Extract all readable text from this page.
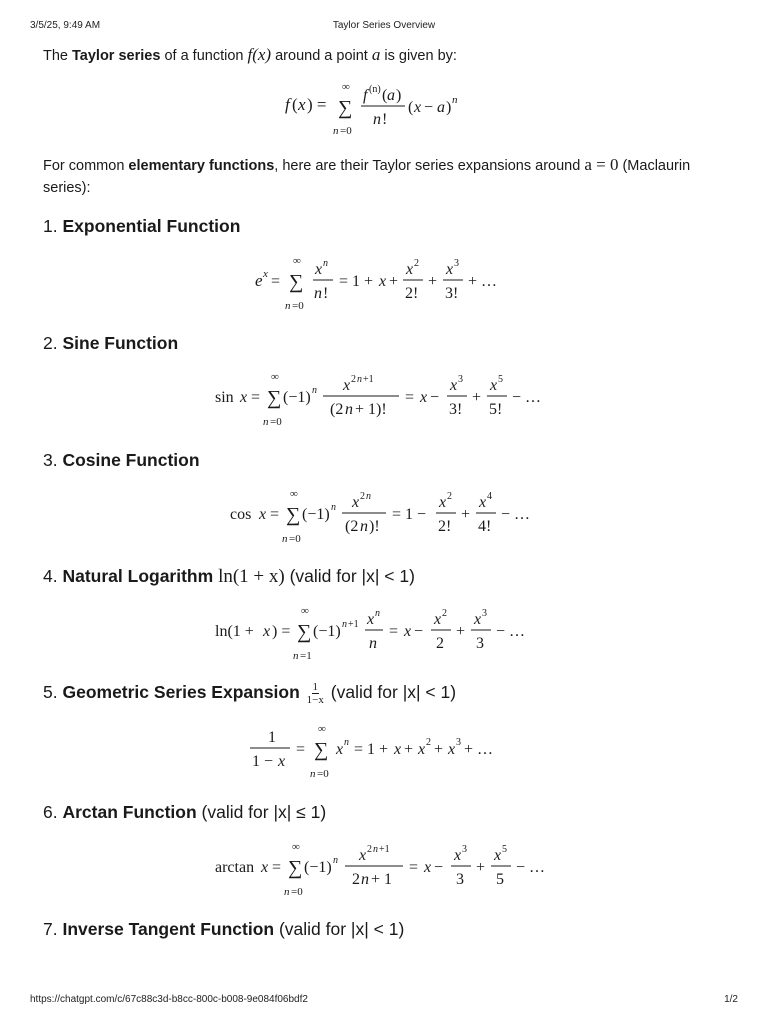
3/5/25, 9:49 AM	Taylor Series Overview

The Taylor series of a function f(x) around a point a is given by:

f ( x ) =
∞
∑
n =0
f (n) ( a )
n !
( x − a ) n

For common elementary functions, here are their Taylor series expansions around a = 0 (Maclaurin series):

1. Exponential Function
e x =
∞
∑
n =0
x n
n !
= 1 + x +
x 2
2!
+
x 3
3!
+ …
2. Sine Function
sin x =
∞
∑
n =0
(−1) n x 2 n +1
(2 n + 1)!
= x −
x 3
3!
+
x 5
5!
− …
3. Cosine Function
cos x =
∞
∑
n =0
(−1) n x 2 n
(2 n )!
= 1 −
x 2
2!
+
x 4
4!
− …
4. Natural Logarithm ln(1 + x) (valid for |x| < 1)
ln(1 + x ) =
∞
∑
n =1
(−1) n +1 x n
n
= x −
x 2
2
+
x 3
3
− …
5. Geometric Series Expansion $\frac{1}{1-x}$ (valid for |x| < 1)
1
1 − x
=
∞
∑
n =0
x n = 1 + x + x 2 + x 3 + …
6. Arctan Function (valid for |x| ≤ 1)
arctan x =
∞
∑
n =0
(−1) n x 2 n +1
2 n + 1
= x −
x 3
3
+
x 5
5
− …
7. Inverse Tangent Function (valid for |x| < 1)
https://chatgpt.com/c/67c88c3d-b8cc-800c-b008-9e084f06bdf2	1/2
